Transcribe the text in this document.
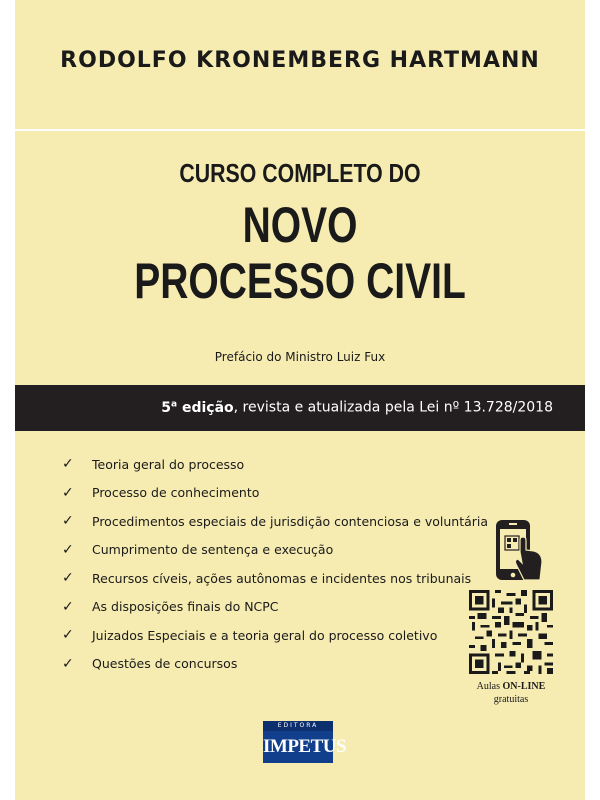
RODOLFO KRONEMBERG HARTMANN
CURSO COMPLETO DO
NOVO
PROCESSO CIVIL
Prefácio do Ministro Luiz Fux
5$^a$ edição, revista e atualizada pela Lei nº 13.728/2018
✓	Teoria geral do processo
✓	Processo de conhecimento
✓	Procedimentos especiais de jurisdição contenciosa e voluntária
✓	Cumprimento de sentença e execução
✓	Recursos cíveis, ações autônomas e incidentes nos tribunais
✓	As disposições finais do NCPC
✓	Juizados Especiais e a teoria geral do processo coletivo
✓	Questões de concursos
Aulas ON-LINE
gratuitas
EDITORA
IMPETUS
